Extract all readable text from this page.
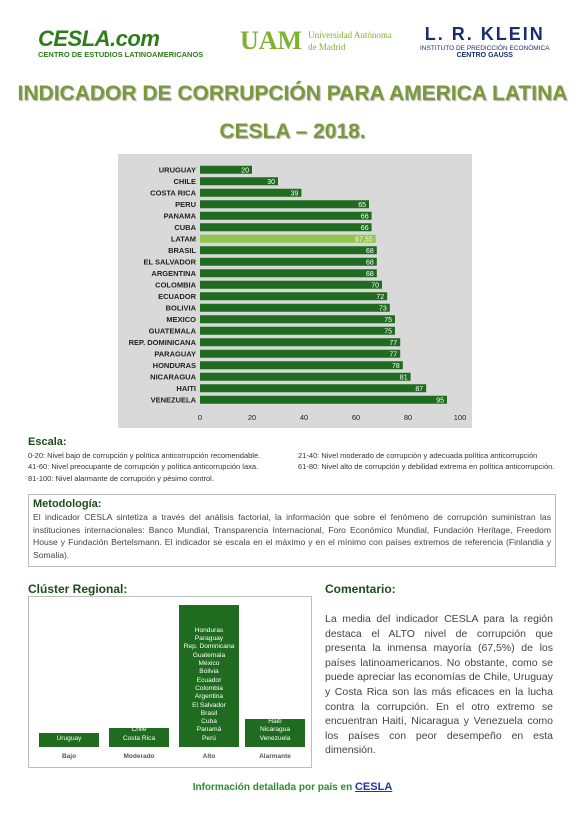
CESLA.com
CENTRO DE ESTUDIOS LATINOAMERICANOS UAM Universidad Autónoma
de Madrid
L. R. KLEIN
INSTITUTO DE PREDICCIÓN ECONÓMICA
CENTRO GAUSS
INDICADOR DE CORRUPCIÓN PARA AMERICA LATINA
CESLA – 2018.
URUGUAY	20
CHILE	30
COSTA RICA	39
PERU	65
PANAMA	66
CUBA	66
LATAM	67,55
BRASIL	68
EL SALVADOR	68
ARGENTINA	68
COLOMBIA	70
ECUADOR	72
BOLIVIA	73
MEXICO	75
GUATEMALA	75
REP. DOMINICANA	77
PARAGUAY	77
HONDURAS	78
NICARAGUA	81
HAITI	87
VENEZUELA	95
0	20	40	60	80	100
Escala:
0-20: Nivel bajo de corrupción y política anticorrupción recomendable.
41-60: Nivel preocupante de corrupción y política anticorrupción laxa.
81-100: Nivel alarmante de corrupción y pésimo control.
21-40: Nivel moderado de corrupción y adecuada política anticorrupción
61-80: Nivel alto de corrupción y debilidad extrema en política anticorrupción.
Metodología:
El indicador CESLA sintetiza a través del análisis factorial, la información que sobre el fenómeno de corrupción suministran las instituciones internacionales: Banco Mundial, Transparencia Internacional, Foro Económico Mundial, Fundación Heritage, Freedom House y Fundación Bertelsmann. El indicador se escala en el máximo y en el mínimo con países extremos de referencia (Finlandia y Somalia).
Clúster Regional:
Uruguay
Bajo
Chile
Costa Rica
Moderado
Honduras
Paraguay
Rep. Dominicana
Guatemala
México
Bolivia
Ecuador
Colombia
Argentina
El Salvador
Brasil
Cuba
Panamá
Perú
Alto
Haití
Nicaragua
Venezuela
Alarmante
Comentario:
La media del indicador CESLA para la región destaca el ALTO nivel de corrupción que presenta la inmensa mayoría (67,5%) de los países latinoamericanos. No obstante, como se puede apreciar las economías de Chile, Uruguay y Costa Rica son las más eficaces en la lucha contra la corrupción. En el otro extremo se encuentran Haití, Nicaragua y Venezuela como los países con peor desempeño en esta dimensión.
Información detallada por país en CESLA
